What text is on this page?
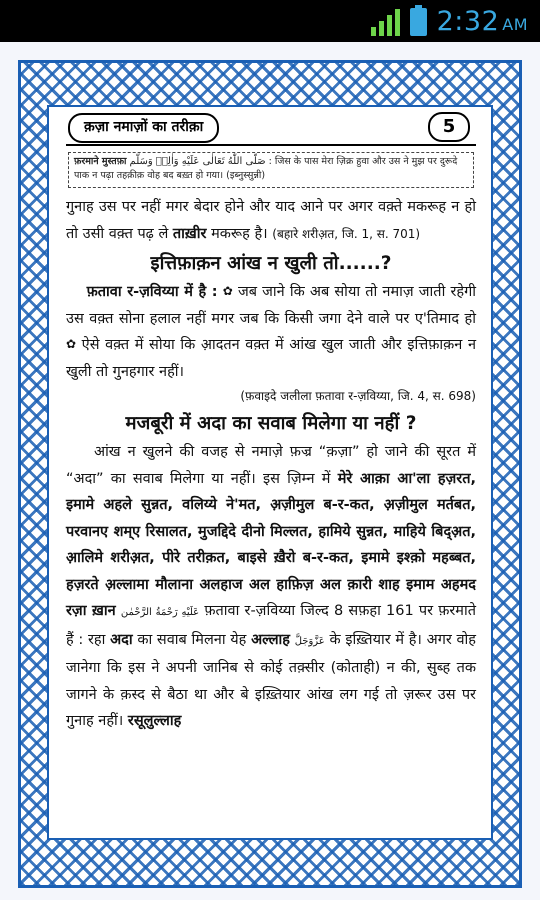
2:32 AM
क़ज़ा नमाज़ों का तरीक़ा	5
फ़रमाने मुस्तफ़ा صَلَّى اللّٰهُ تَعَالٰى عَلَيْهِ وَاٰلِهٖ وَسَلَّم : जिस के पास मेरा ज़िक्र हुवा और उस ने मुझ पर दुरूदे पाक न पढ़ा तहक़ीक़ वोह बद बख़्त हो गया। (इब्नुस्सुन्नी)

गुनाह उस पर नहीं मगर बेदार होने और याद आने पर अगर वक़्ते मकरूह न हो तो उसी वक़्त पढ़ ले ताख़ीर मकरूह है। (बहारे शरीअ़त, जि. 1, स. 701)

इत्तिफ़ाक़न आंख न खुली तो......?

फ़तावा र-ज़विय्या में है : ✿ जब जाने कि अब सोया तो नमाज़ जाती रहेगी उस वक़्त सोना हलाल नहीं मगर जब कि किसी जगा देने वाले पर ए'तिमाद हो ✿ ऐसे वक़्त में सोया कि आ़दतन वक़्त में आंख खुल जाती और इत्तिफ़ाक़न न खुली तो गुनहगार नहीं।

(फ़वाइदे जलीला फ़तावा र-ज़विय्या, जि. 4, स. 698)

मजबूरी में अदा का सवाब मिलेगा या नहीं ?

आंख न खुलने की वजह से नमाज़े फ़ज्र “क़ज़ा” हो जाने की सूरत में “अदा” का सवाब मिलेगा या नहीं। इस ज़िम्न में मेरे आक़ा आ'ला हज़रत, इमामे अहले सुन्नत, वलिय्ये ने'मत, अ़ज़ीमुल ब-र-कत, अ़ज़ीमुल मर्तबत, परवानए शम्ए रिसालत, मुजद्दिदे दीनो मिल्लत, हामिये सुन्नत, माहिये बिद्अ़त, आ़लिमे शरीअ़त, पीरे तरीक़त, बाइसे ख़ैरो ब-र-कत, इमामे इश्क़ो महब्बत, हज़रते अ़ल्लामा मौलाना अलहाज अल हाफ़िज़ अल क़ारी शाह इमाम अहमद रज़ा ख़ान عَلَيْهِ رَحْمَةُ الرَّحْمٰن फ़तावा र-ज़विय्या जिल्द 8 सफ़हा 161 पर फ़रमाते हैं : रहा अदा का सवाब मिलना येह अल्लाह عَزَّوَجَلَّ के इख़्तियार में है। अगर वोह जानेगा कि इस ने अपनी जानिब से कोई तक़्सीर (कोताही) न की, सुब्ह तक जागने के क़स्द से बैठा था और बे इख़्तियार आंख लग गई तो ज़रूर उस पर गुनाह नहीं। रसूलुल्लाह
